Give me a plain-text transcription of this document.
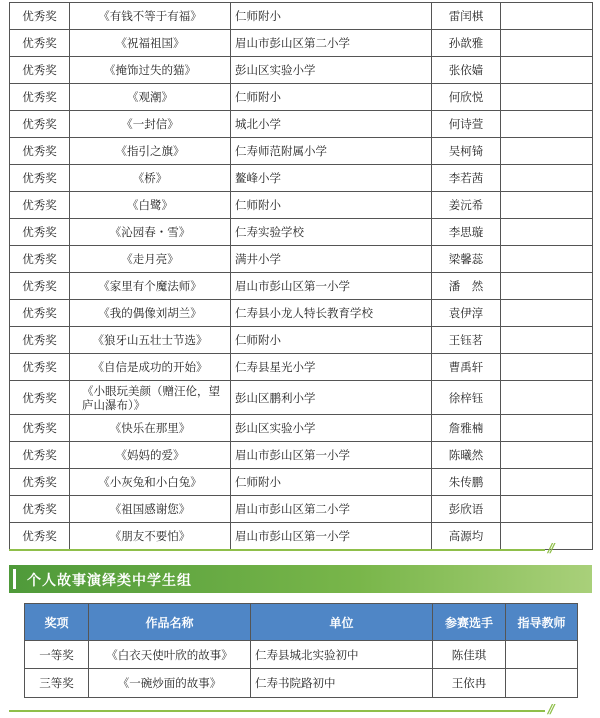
优秀奖	《有钱不等于有福》	仁师附小	雷闰棋	
优秀奖	《祝福祖国》	眉山市彭山区第二小学	孙歆雅	
优秀奖	《掩饰过失的猫》	彭山区实验小学	张依嫱	
优秀奖	《观潮》	仁师附小	何欣悦	
优秀奖	《一封信》	城北小学	何诗萱	
优秀奖	《指引之旗》	仁寿师范附属小学	吴柯锜	
优秀奖	《桥》	鳌峰小学	李若茜	
优秀奖	《白鹭》	仁师附小	姜沅希	
优秀奖	《沁园春・雪》	仁寿实验学校	李思璇	
优秀奖	《走月亮》	满井小学	梁馨蕊	
优秀奖	《家里有个魔法师》	眉山市彭山区第一小学	潘　然	
优秀奖	《我的偶像刘胡兰》	仁寿县小龙人特长教育学校	袁伊淳	
优秀奖	《狼牙山五壮士节选》	仁师附小	王钰茗	
优秀奖	《自信是成功的开始》	仁寿县星光小学	曹禹轩	
优秀奖	《小眼玩美颜（赠汪伦，望庐山瀑布）》	彭山区鹏利小学	徐梓钰	
优秀奖	《快乐在那里》	彭山区实验小学	詹雅楠	
优秀奖	《妈妈的爱》	眉山市彭山区第一小学	陈曦然	
优秀奖	《小灰兔和小白兔》	仁师附小	朱传鹏	
优秀奖	《祖国感谢您》	眉山市彭山区第二小学	彭欣语	
优秀奖	《朋友不要怕》	眉山市彭山区第一小学	高源均	
//
个人故事演绎类中学生组
奖项	作品名称	单位	参赛选手	指导教师
一等奖	《白衣天使叶欣的故事》	仁寿县城北实验初中	陈佳琪	
三等奖	《一碗炒面的故事》	仁寿书院路初中	王依冉	
//
